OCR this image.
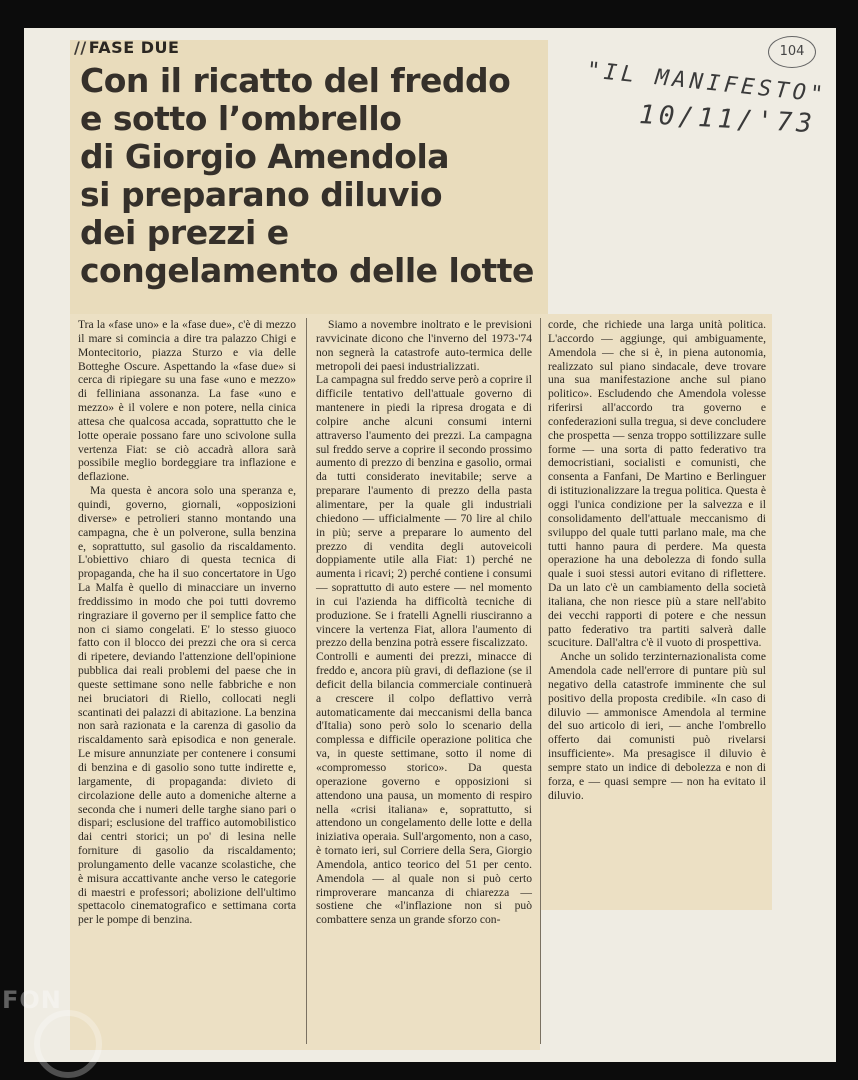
// FASE DUE
Con il ricatto del freddo
e sotto l’ombrello
di Giorgio Amendola
si preparano diluvio
dei prezzi e
congelamento delle lotte
"IL MANIFESTO"
10/11/'73
104

Tra la «fase uno» e la «fase due», c'è di mezzo il mare si comincia a dire tra palazzo Chigi e Montecitorio, piazza Sturzo e via delle Botteghe Oscure. Aspettando la «fase due» si cerca di ripiegare su una fase «uno e mezzo» di felliniana assonanza. La fase «uno e mezzo» è il volere e non potere, nella cinica attesa che qualcosa accada, soprattutto che le lotte operaie possano fare uno scivolone sulla vertenza Fiat: se ciò accadrà allora sarà possibile meglio bordeggiare tra inflazione e deflazione.

Ma questa è ancora solo una speranza e, quindi, governo, giornali, «opposizioni diverse» e petrolieri stanno montando una campagna, che è un polverone, sulla benzina e, soprattutto, sul gasolio da riscaldamento. L'obiettivo chiaro di questa tecnica di propaganda, che ha il suo concertatore in Ugo La Malfa è quello di minacciare un inverno freddissimo in modo che poi tutti dovremo ringraziare il governo per il semplice fatto che non ci siamo congelati. E' lo stesso giuoco fatto con il blocco dei prezzi che ora si cerca di ripetere, deviando l'attenzione dell'opinione pubblica dai reali problemi del paese che in queste settimane sono nelle fabbriche e non nei bruciatori di Riello, collocati negli scantinati dei palazzi di abitazione. La benzina non sarà razionata e la carenza di gasolio da riscaldamento sarà episodica e non generale. Le misure annunziate per contenere i consumi di benzina e di gasolio sono tutte indirette e, largamente, di propaganda: divieto di circolazione delle auto a domeniche alterne a seconda che i numeri delle targhe siano pari o dispari; esclusione del traffico automobilistico dai centri storici; un po' di lesina nelle forniture di gasolio da riscaldamento; prolungamento delle vacanze scolastiche, che è misura accattivante anche verso le categorie di maestri e professori; abolizione dell'ultimo spettacolo cinematografico e settimana corta per le pompe di benzina.

Siamo a novembre inoltrato e le previsioni ravvicinate dicono che l'inverno del 1973-'74 non segnerà la catastrofe auto-termica delle metropoli dei paesi industrializzati.

La campagna sul freddo serve però a coprire il difficile tentativo dell'attuale governo di mantenere in piedi la ripresa drogata e di colpire anche alcuni consumi interni attraverso l'aumento dei prezzi. La campagna sul freddo serve a coprire il secondo prossimo aumento di prezzo di benzina e gasolio, ormai da tutti considerato inevitabile; serve a preparare l'aumento di prezzo della pasta alimentare, per la quale gli industriali chiedono — ufficialmente — 70 lire al chilo in più; serve a preparare lo aumento del prezzo di vendita degli autoveicoli doppiamente utile alla Fiat: 1) perché ne aumenta i ricavi; 2) perché contiene i consumi — soprattutto di auto estere — nel momento in cui l'azienda ha difficoltà tecniche di produzione. Se i fratelli Agnelli riusciranno a vincere la vertenza Fiat, allora l'aumento di prezzo della benzina potrà essere fiscalizzato.

Controlli e aumenti dei prezzi, minacce di freddo e, ancora più gravi, di deflazione (se il deficit della bilancia commerciale continuerà a crescere il colpo deflattivo verrà automaticamente dai meccanismi della banca d'Italia) sono però solo lo scenario della complessa e difficile operazione politica che va, in queste settimane, sotto il nome di «compromesso storico». Da questa operazione governo e opposizioni si attendono una pausa, un momento di respiro nella «crisi italiana» e, soprattutto, si attendono un congelamento delle lotte e della iniziativa operaia. Sull'argomento, non a caso, è tornato ieri, sul Corriere della Sera, Giorgio Amendola, antico teorico del 51 per cento. Amendola — al quale non si può certo rimproverare mancanza di chiarezza — sostiene che «l'inflazione non si può combattere senza un grande sforzo con-

corde, che richiede una larga unità politica. L'accordo — aggiunge, qui ambiguamente, Amendola — che si è, in piena autonomia, realizzato sul piano sindacale, deve trovare una sua manifestazione anche sul piano politico». Escludendo che Amendola volesse riferirsi all'accordo tra governo e confederazioni sulla tregua, si deve concludere che prospetta — senza troppo sottilizzare sulle forme — una sorta di patto federativo tra democristiani, socialisti e comunisti, che consenta a Fanfani, De Martino e Berlinguer di istituzionalizzare la tregua politica. Questa è oggi l'unica condizione per la salvezza e il consolidamento dell'attuale meccanismo di sviluppo del quale tutti parlano male, ma che tutti hanno paura di perdere. Ma questa operazione ha una debolezza di fondo sulla quale i suoi stessi autori evitano di riflettere. Da un lato c'è un cambiamento della società italiana, che non riesce più a stare nell'abito dei vecchi rapporti di potere e che nessun patto federativo tra partiti salverà dalle scuciture. Dall'altra c'è il vuoto di prospettiva.

Anche un solido terzinternazionalista come Amendola cade nell'errore di puntare più sul negativo della catastrofe imminente che sul positivo della proposta credibile. «In caso di diluvio — ammonisce Amendola al termine del suo articolo di ieri, — anche l'ombrello offerto dai comunisti può rivelarsi insufficiente». Ma presagisce il diluvio è sempre stato un indice di debolezza e non di forza, e — quasi sempre — non ha evitato il diluvio.

FON
